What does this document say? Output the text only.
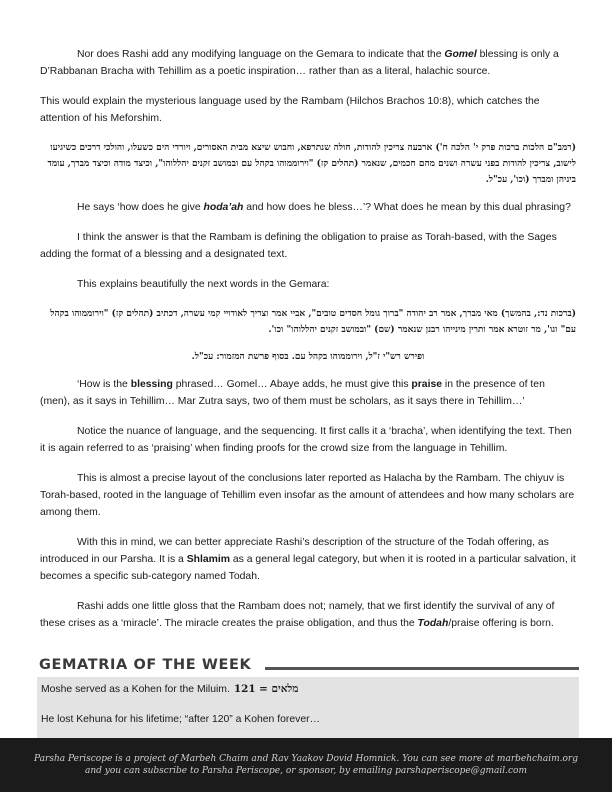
Nor does Rashi add any modifying language on the Gemara to indicate that the Gomel blessing is only a D’Rabbanan Bracha with Tehillim as a poetic inspiration… rather than as a literal, halachic source.

This would explain the mysterious language used by the Rambam (Hilchos Brachos 10:8), which catches the attention of his Meforshim.

(רמב"ם הלכות ברכות פרק י' הלכה ח') ארבעה צריכין להודות, חולה שנתרפא, וחבוש שיצא מבית האסורים, ויורדי הים כשעלו, והולכי דרכים כשיגיעו לישוב, צריכין להודות בפני עשרה ושנים מהם חכמים, שנאמר (תהלים קז) "וירוממוהו בקהל עם ובמושב זקנים יהללוהו", וכיצד מודה וכיצד מברך, עומד ביניהן ומברך (וכו', עכ"ל.

He says ‘how does he give hoda’ah and how does he bless…’? What does he mean by this dual phrasing?

I think the answer is that the Rambam is defining the obligation to praise as Torah-based, with the Sages adding the format of a blessing and a designated text.

This explains beautifully the next words in the Gemara:

(ברכות נד:, בהמשך) מאי מברך, אמר רב יהודה "ברוך גומל חסדים טובים", אביי אמר וצריך לאודויי קמי עשרה, דכתיב (תהלים קז) "וירוממוהו בקהל עם" וגו', מר זוטרא אמר ותרין מינייהו רבנן שנאמר (שם) "ובמושב זקנים יהללוהו" וכו'.

ופירש רש"י ז"ל, וירוממוהו בקהל עם. בסוף פרשת המזמור: עכ"ל.

‘How is the blessing phrased… Gomel… Abaye adds, he must give this praise in the presence of ten (men), as it says in Tehillim… Mar Zutra says, two of them must be scholars, as it says there in Tehillim…’

Notice the nuance of language, and the sequencing. It first calls it a ‘bracha’, when identifying the text. Then it is again referred to as ‘praising’ when finding proofs for the crowd size from the language in Tehillim.

This is almost a precise layout of the conclusions later reported as Halacha by the Rambam. The chiyuv is Torah-based, rooted in the language of Tehillim even insofar as the amount of attendees and how many scholars are among them.

With this in mind, we can better appreciate Rashi’s description of the structure of the Todah offering, as introduced in our Parsha. It is a Shlamim as a general legal category, but when it is rooted in a particular salvation, it becomes a specific sub-category named Todah.

Rashi adds one little gloss that the Rambam does not; namely, that we first identify the survival of any of these crises as a ‘miracle’. The miracle creates the praise obligation, and thus the Todah/praise offering is born.

GEMATRIA OF THE WEEK
Moshe served as a Kohen for the Miluim. 121 = מלאים
He lost Kehuna for his lifetime; “after 120” a Kohen forever…
Parsha Periscope is a project of Marbeh Chaim and Rav Yaakov Dovid Homnick. You can see more at marbehchaim.org
and you can subscribe to Parsha Periscope, or sponsor, by emailing parshaperiscope@gmail.com
